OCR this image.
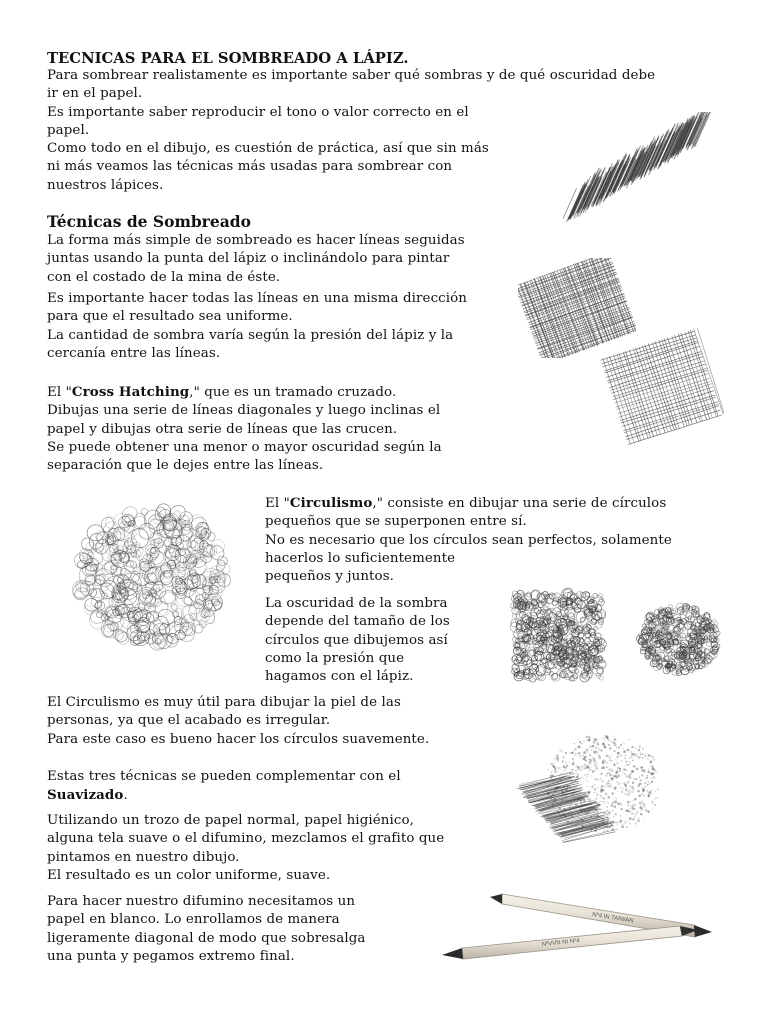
TECNICAS PARA EL SOMBREADO A LÁPIZ.
Para sombrear realistamente es importante saber qué sombras y de qué oscuridad debe
ir en el papel.
Es importante saber reproducir el tono o valor correcto en el
papel.
Como todo en el dibujo, es cuestión de práctica, así que sin más
ni más veamos las técnicas más usadas para sombrear con
nuestros lápices.
Técnicas de Sombreado
La forma más simple de sombreado es hacer líneas seguidas
juntas usando la punta del lápiz o inclinándolo para pintar
con el costado de la mina de éste.
Es importante hacer todas las líneas en una misma dirección
para que el resultado sea uniforme.
La cantidad de sombra varía según la presión del lápiz y la
cercanía entre las líneas.
El "Cross Hatching," que es un tramado cruzado.
Dibujas una serie de líneas diagonales y luego inclinas el
papel y dibujas otra serie de líneas que las crucen.
Se puede obtener una menor o mayor oscuridad según la
separación que le dejes entre las líneas.
El "Circulismo," consiste en dibujar una serie de círculos
pequeños que se superponen entre sí.
No es necesario que los círculos sean perfectos, solamente
hacerlos lo suficientemente
pequeños y juntos.
La oscuridad de la sombra
depende del tamaño de los
círculos que dibujemos así
como la presión que
hagamos con el lápiz.
El Circulismo es muy útil para dibujar la piel de las
personas, ya que el acabado es irregular.
Para este caso es bueno hacer los círculos suavemente.
Estas tres técnicas se pueden complementar con el
Suavizado.
Utilizando un trozo de papel normal, papel higiénico,
alguna tela suave o el difumino, mezclamos el grafito que
pintamos en nuestro dibujo.
El resultado es un color uniforme, suave.
Para hacer nuestro difumino necesitamos un
papel en blanco. Lo enrollamos de manera
ligeramente diagonal de modo que sobresalga
una punta y pegamos extremo final.
Nº4 IN TAIWAN
NºVVN NI Nº4
